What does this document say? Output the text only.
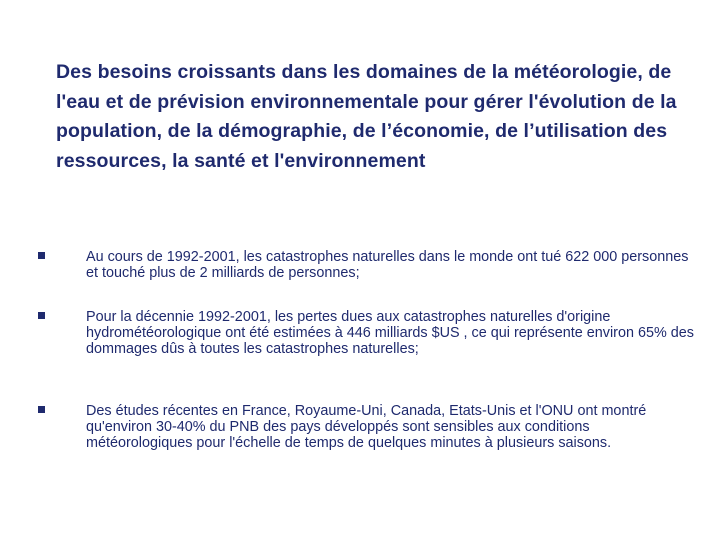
Des besoins croissants dans les domaines de la météorologie, de l'eau et de prévision environnementale pour gérer l'évolution de la population, de la démographie, de l’économie, de l’utilisation des ressources, la santé et l'environnement
Au cours de 1992-2001, les catastrophes naturelles dans le monde ont tué 622 000 personnes et touché plus de 2 milliards de personnes;
Pour la décennie 1992-2001, les pertes dues aux catastrophes naturelles d'origine hydrométéorologique ont été estimées à 446 milliards $US , ce qui représente environ 65% des dommages dûs à toutes les catastrophes naturelles;
Des études récentes en France, Royaume-Uni, Canada, Etats-Unis et l'ONU ont montré qu'environ 30-40% du PNB des pays développés sont sensibles aux conditions météorologiques pour l'échelle de temps de quelques minutes à plusieurs saisons.
